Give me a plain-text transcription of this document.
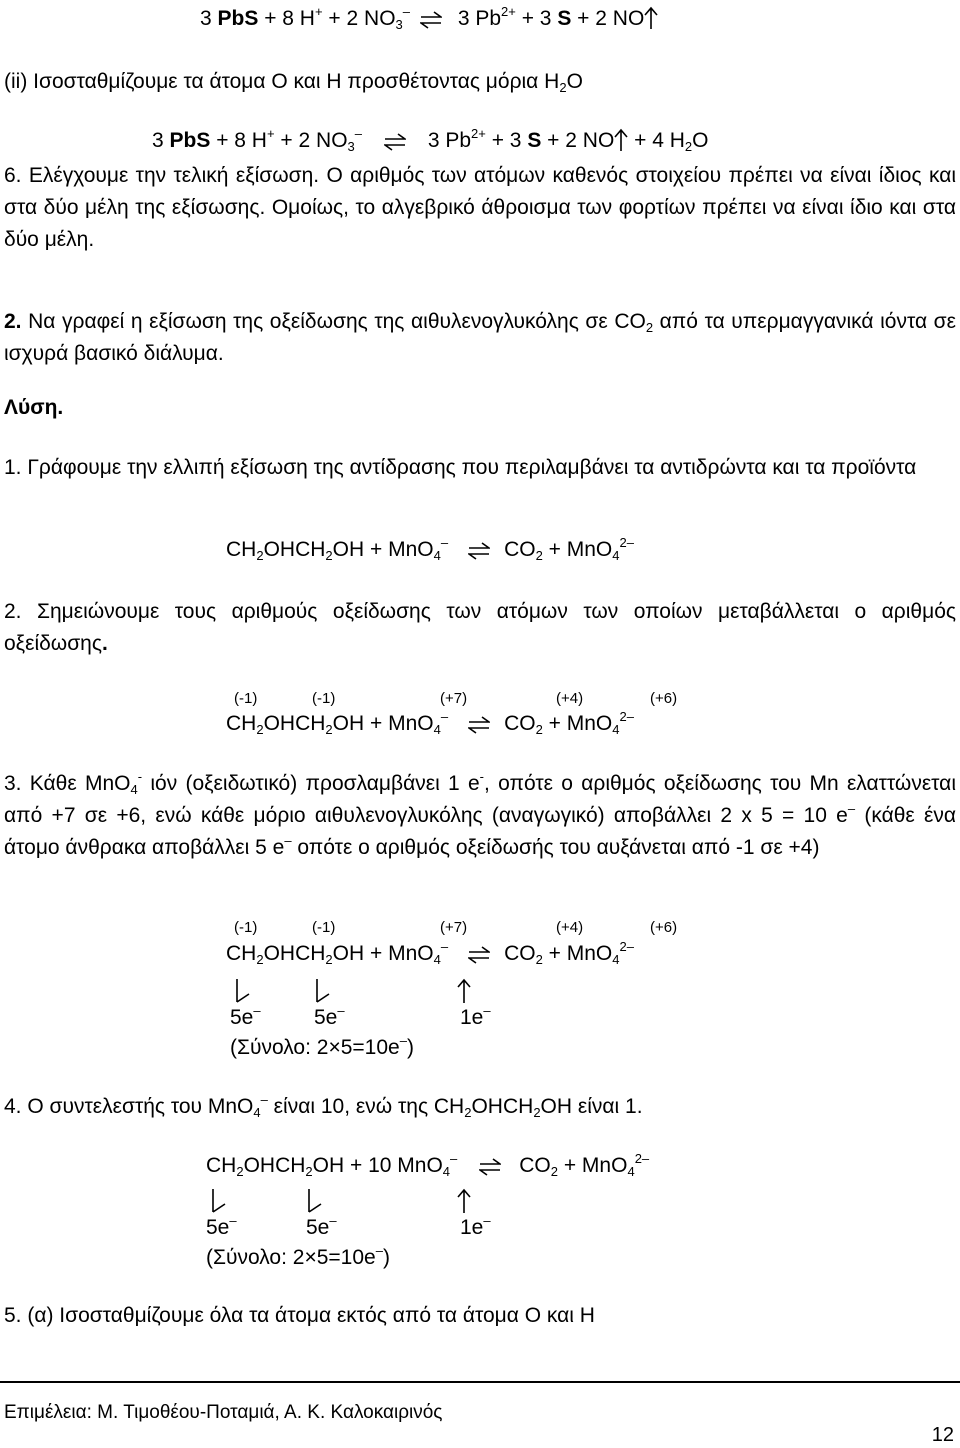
3 PbS + 8 H+ + 2 $NO_3^-$ 3 $Pb^{2+} + 3$ S + 2 NO
(ii) Ισοσταθμίζουμε τα άτομα Ο και Η προσθέτοντας μόρια $H_2O$
3 PbS + 8 H+ + 2 $NO_3^-$	3 $Pb^{2+} + 3$ S + 2 NO + 4 $H_2O$

6. Ελέγχουμε την τελική εξίσωση. Ο αριθμός των ατόμων καθενός στοιχείου πρέπει να είναι ίδιος και στα δύο μέλη της εξίσωσης. Ομοίως, το αλγεβρικό άθροισμα των φορτίων πρέπει να είναι ίδιο και στα δύο μέλη.

2. Να γραφεί η εξίσωση της οξείδωσης της αιθυλενογλυκόλης σε $CO_2$ από τα υπερμαγγανικά ιόντα σε ισχυρά βασικό διάλυμα.

Λύση.

1. Γράφουμε την ελλιπή εξίσωση της αντίδρασης που περιλαμβάνει τα αντιδρώντα και τα προϊόντα

$CH_2OHCH_2OH + MnO_4^-$	$CO_2 + MnO_4^{2-}$

2. Σημειώνουμε τους αριθμούς οξείδωσης των ατόμων των οποίων μεταβάλλεται ο αριθμός οξείδωσης.

(-1)	(-1)	(+7)	(+4)	(+6)
$CH_2OHCH_2OH + MnO_4^-$	$CO_2 + MnO_4^{2-}$

3. Κάθε MnO$_4$- ιόν (οξειδωτικό) προσλαμβάνει 1 e-, οπότε ο αριθμός οξείδωσης του Mn ελαττώνεται από +7 σε +6, ενώ κάθε μόριο αιθυλενογλυκόλης (αναγωγικό) αποβάλλει 2 x 5 = 10 e– (κάθε ένα άτομο άνθρακα αποβάλλει 5 e– οπότε ο αριθμός οξείδωσής του αυξάνεται από -1 σε +4)

(-1)	(-1)	(+7)	(+4)	(+6)
$CH_2OHCH_2OH + MnO_4^-$	$CO_2 + MnO_4^{2-}$
5e–	5e–	1e–
(Σύνολο: 2×5=10e–)
4. Ο συντελεστής του MnO$_4$– είναι 10, ενώ της $CH_2OHCH_2OH$ είναι 1.
$CH_2OHCH_2OH + 10$ MnO$_4$–	$CO_2 + MnO_4^{2-}$
5e–	5e–	1e–
(Σύνολο: 2×5=10e–)
5. (α) Ισοσταθμίζουμε όλα τα άτομα εκτός από τα άτομα Ο και Η
Επιμέλεια: Μ. Τιμοθέου-Ποταμιά, Α. Κ. Καλοκαιρινός
12
